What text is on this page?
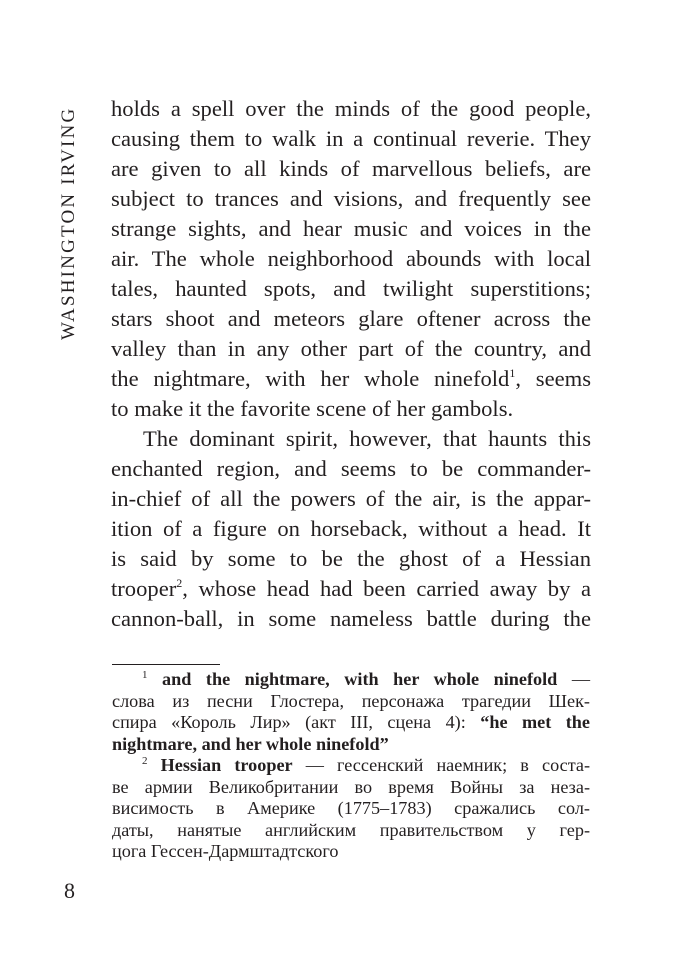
WASHINGTON IRVING holds a spell over the minds of the good people,
causing them to walk in a continual reverie. They
are given to all kinds of marvellous beliefs, are
subject to trances and visions, and frequently see
strange sights, and hear music and voices in the
air. The whole neighborhood abounds with local
tales, haunted spots, and twilight superstitions;
stars shoot and meteors glare oftener across the
valley than in any other part of the country, and
the nightmare, with her whole ninefold$^1$, seems
to make it the favorite scene of her gambols.
The dominant spirit, however, that haunts this
enchanted region, and seems to be commander-
in-chief of all the powers of the air, is the appar-
ition of a figure on horseback, without a head. It
is said by some to be the ghost of a Hessian
trooper$^2$, whose head had been carried away by a
cannon-ball, in some nameless battle during the
$^1$ and the nightmare, with her whole ninefold —
слова из песни Глостера, персонажа трагедии Шек-
спира «Король Лир» (акт III, сцена 4): “he met the
nightmare, and her whole ninefold”
$^2$ Hessian trooper — гессенский наемник; в соста-
ве армии Великобритании во время Войны за неза-
висимость в Америке (1775–1783) сражались сол-
даты, нанятые английским правительством у гер-
цога Гессен-Дармштадтского
8
